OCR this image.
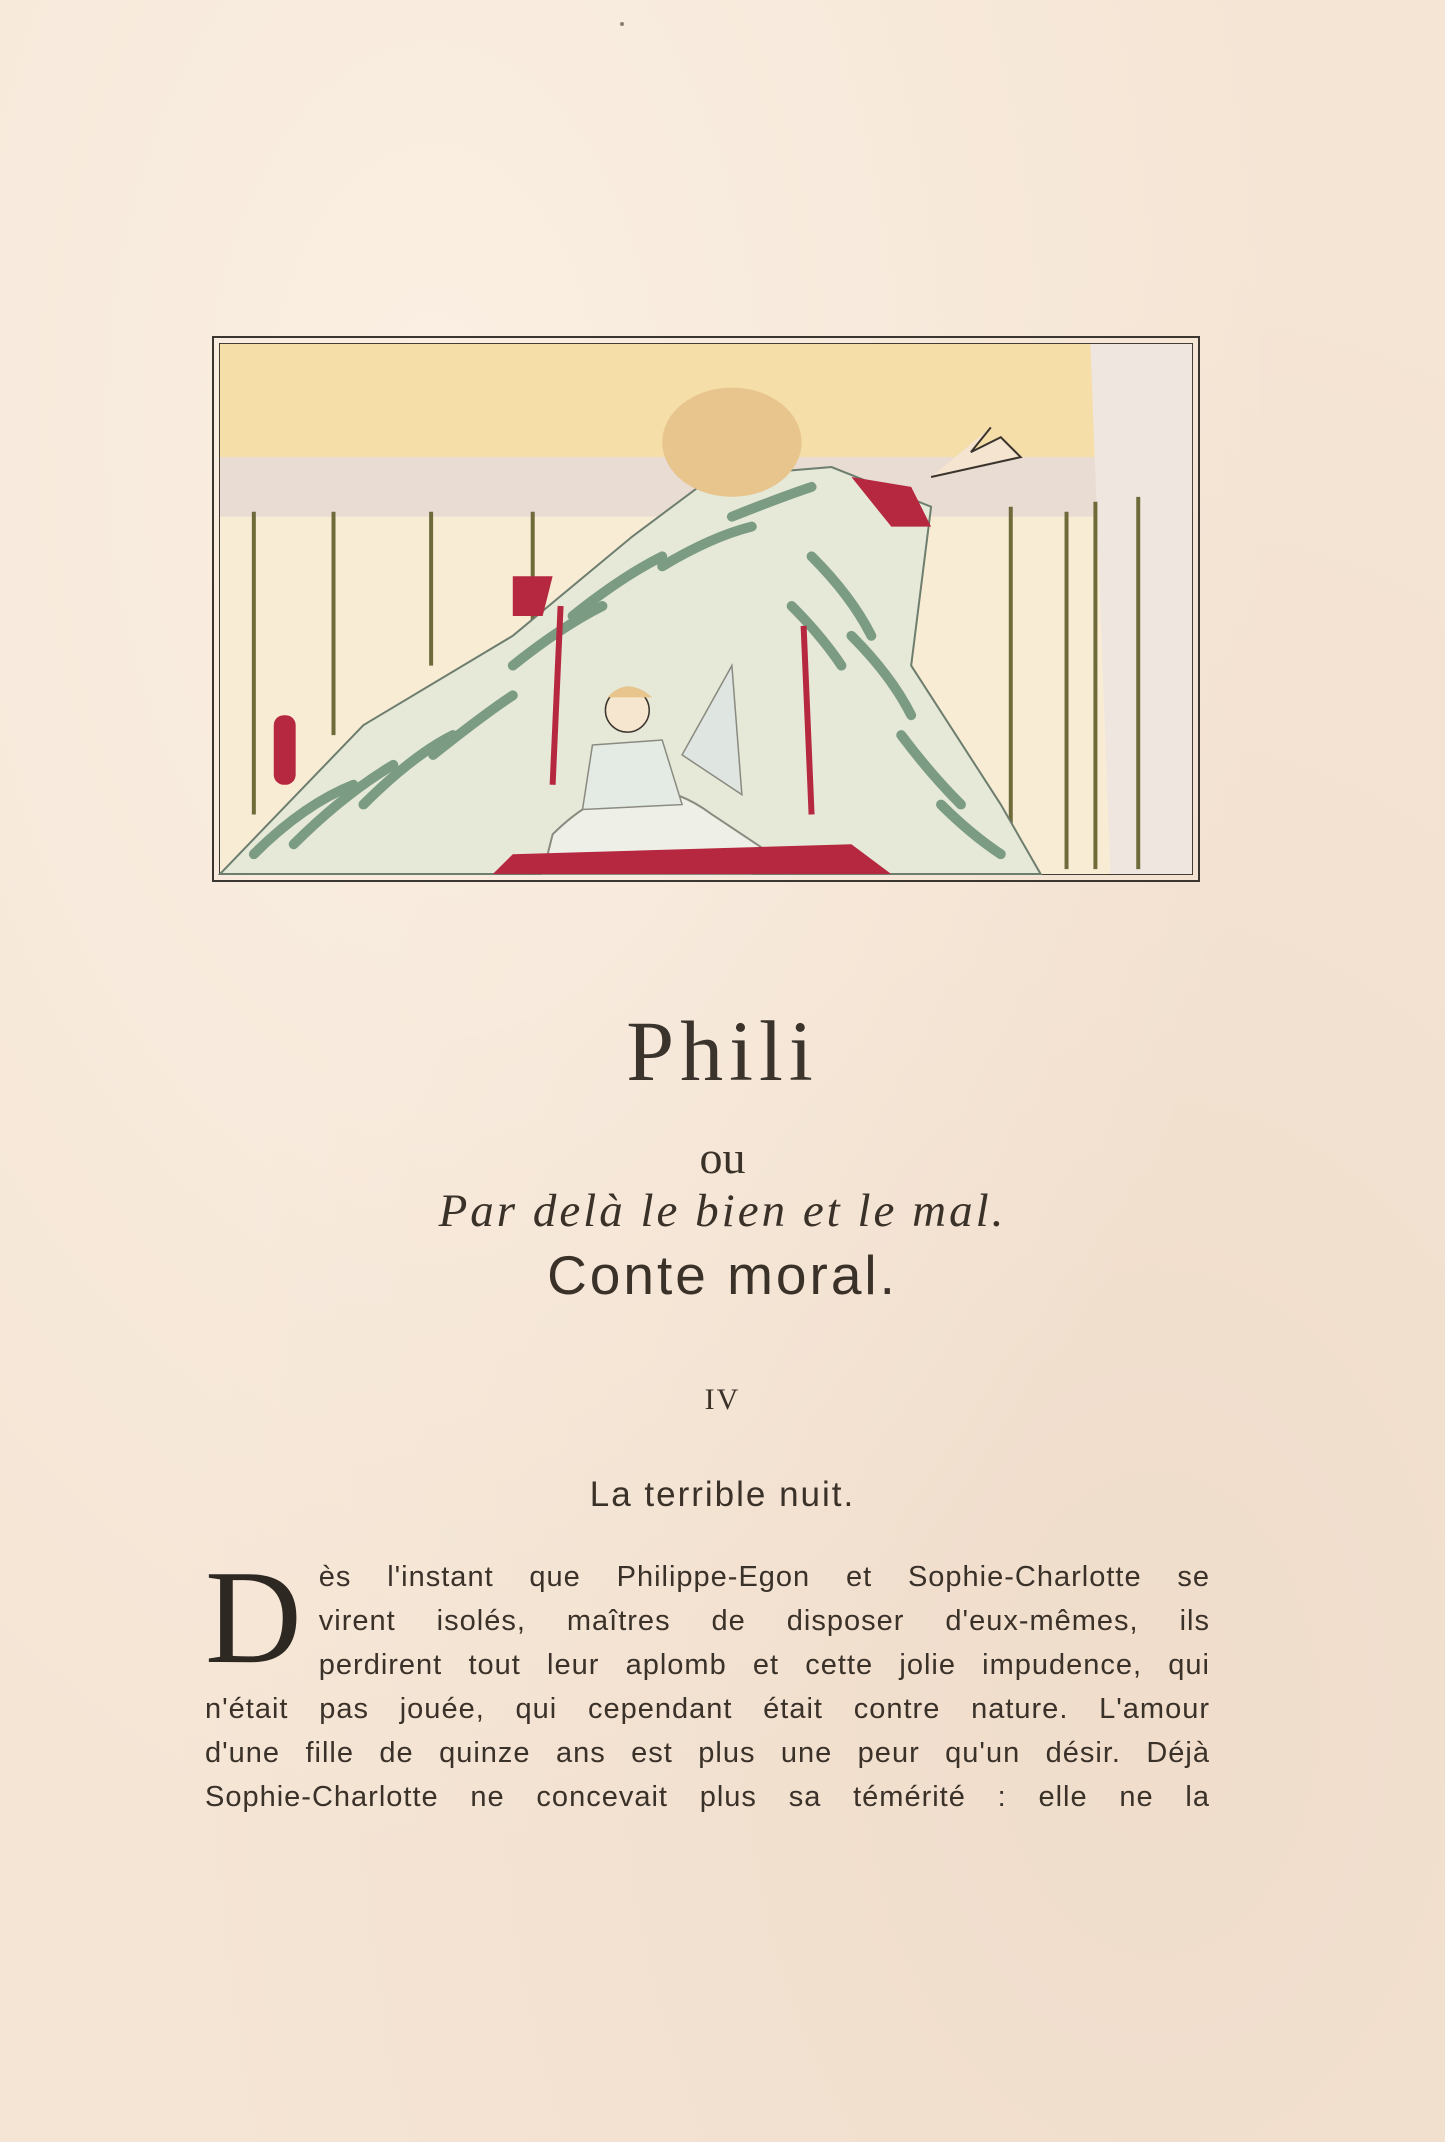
Phili
ou
Par delà le bien et le mal.
Conte moral.
IV
La terrible nuit.
D ès l'instant que Philippe-Egon et Sophie-Charlotte se
virent isolés, maîtres de disposer d'eux-mêmes, ils
perdirent tout leur aplomb et cette jolie impudence, qui
n'était pas jouée, qui cependant était contre nature. L'amour
d'une fille de quinze ans est plus une peur qu'un désir. Déjà
Sophie-Charlotte ne concevait plus sa témérité : elle ne la
